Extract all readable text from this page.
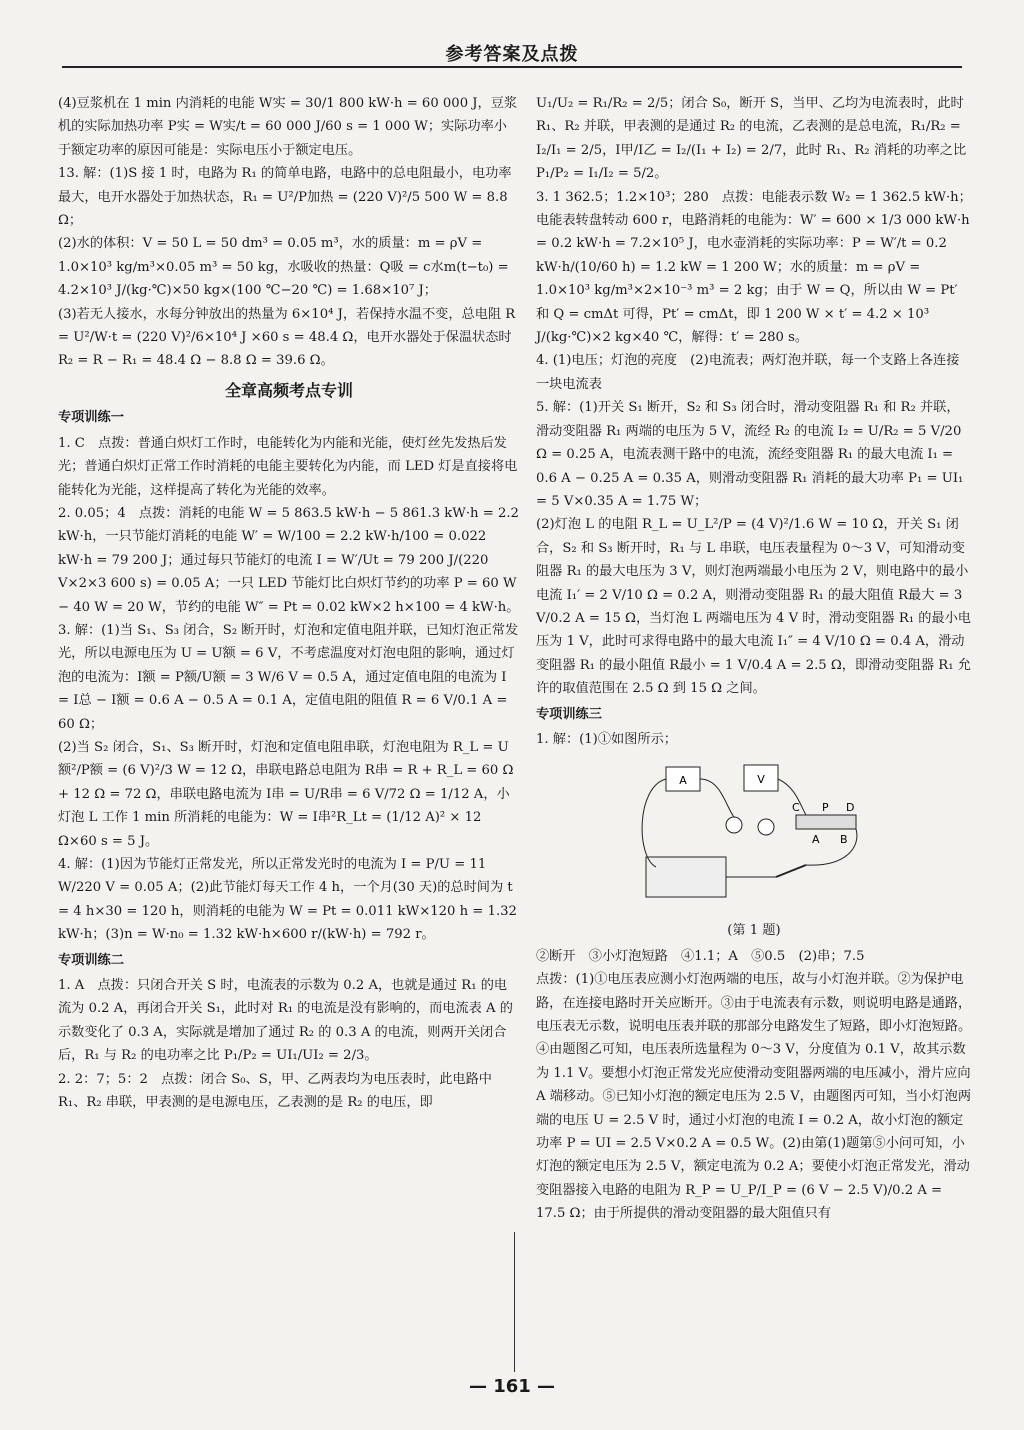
参考答案及点拨

(4)豆浆机在 1 min 内消耗的电能 W实 = 30/1 800 kW·h = 60 000 J，豆浆机的实际加热功率 P实 = W实/t = 60 000 J/60 s = 1 000 W；实际功率小于额定功率的原因可能是：实际电压小于额定电压。

13. 解：(1)S 接 1 时，电路为 R₁ 的简单电路，电路中的总电阻最小，电功率最大，电开水器处于加热状态，R₁ = U²/P加热 = (220 V)²/5 500 W = 8.8 Ω；

(2)水的体积：V = 50 L = 50 dm³ = 0.05 m³，水的质量：m = ρV = 1.0×10³ kg/m³×0.05 m³ = 50 kg，水吸收的热量：Q吸 = c水m(t−t₀) = 4.2×10³ J/(kg·℃)×50 kg×(100 ℃−20 ℃) = 1.68×10⁷ J；

(3)若无人接水，水每分钟放出的热量为 6×10⁴ J，若保持水温不变，总电阻 R = U²/W·t = (220 V)²/6×10⁴ J ×60 s = 48.4 Ω，电开水器处于保温状态时 R₂ = R − R₁ = 48.4 Ω − 8.8 Ω = 39.6 Ω。

全章高频考点专训
专项训练一

1. C　点拨：普通白炽灯工作时，电能转化为内能和光能，使灯丝先发热后发光；普通白炽灯正常工作时消耗的电能主要转化为内能，而 LED 灯是直接将电能转化为光能，这样提高了转化为光能的效率。

2. 0.05；4　点拨：消耗的电能 W = 5 863.5 kW·h − 5 861.3 kW·h = 2.2 kW·h，一只节能灯消耗的电能 W′ = W/100 = 2.2 kW·h/100 = 0.022 kW·h = 79 200 J；通过每只节能灯的电流 I = W′/Ut = 79 200 J/(220 V×2×3 600 s) = 0.05 A；一只 LED 节能灯比白炽灯节约的功率 P = 60 W − 40 W = 20 W，节约的电能 W″ = Pt = 0.02 kW×2 h×100 = 4 kW·h。

3. 解：(1)当 S₁、S₃ 闭合，S₂ 断开时，灯泡和定值电阻并联，已知灯泡正常发光，所以电源电压为 U = U额 = 6 V，不考虑温度对灯泡电阻的影响，通过灯泡的电流为：I额 = P额/U额 = 3 W/6 V = 0.5 A，通过定值电阻的电流为 I = I总 − I额 = 0.6 A − 0.5 A = 0.1 A，定值电阻的阻值 R = 6 V/0.1 A = 60 Ω；

(2)当 S₂ 闭合，S₁、S₃ 断开时，灯泡和定值电阻串联，灯泡电阻为 R_L = U额²/P额 = (6 V)²/3 W = 12 Ω，串联电路总电阻为 R串 = R + R_L = 60 Ω + 12 Ω = 72 Ω，串联电路电流为 I串 = U/R串 = 6 V/72 Ω = 1/12 A，小灯泡 L 工作 1 min 所消耗的电能为：W = I串²R_Lt = (1/12 A)² × 12 Ω×60 s = 5 J。

4. 解：(1)因为节能灯正常发光，所以正常发光时的电流为 I = P/U = 11 W/220 V = 0.05 A；(2)此节能灯每天工作 4 h，一个月(30 天)的总时间为 t = 4 h×30 = 120 h，则消耗的电能为 W = Pt = 0.011 kW×120 h = 1.32 kW·h；(3)n = W·n₀ = 1.32 kW·h×600 r/(kW·h) = 792 r。

专项训练二

1. A　点拨：只闭合开关 S 时，电流表的示数为 0.2 A，也就是通过 R₁ 的电流为 0.2 A，再闭合开关 S₁，此时对 R₁ 的电流是没有影响的，而电流表 A 的示数变化了 0.3 A，实际就是增加了通过 R₂ 的 0.3 A 的电流，则两开关闭合后，R₁ 与 R₂ 的电功率之比 P₁/P₂ = UI₁/UI₂ = 2/3。

2. 2：7；5：2　点拨：闭合 S₀、S，甲、乙两表均为电压表时，此电路中 R₁、R₂ 串联，甲表测的是电源电压，乙表测的是 R₂ 的电压，即

U₁/U₂ = R₁/R₂ = 2/5；闭合 S₀，断开 S，当甲、乙均为电流表时，此时 R₁、R₂ 并联，甲表测的是通过 R₂ 的电流，乙表测的是总电流，R₁/R₂ = I₂/I₁ = 2/5，I甲/I乙 = I₂/(I₁ + I₂) = 2/7，此时 R₁、R₂ 消耗的功率之比 P₁/P₂ = I₁/I₂ = 5/2。

3. 1 362.5；1.2×10³；280　点拨：电能表示数 W₂ = 1 362.5 kW·h；电能表转盘转动 600 r，电路消耗的电能为：W′ = 600 × 1/3 000 kW·h = 0.2 kW·h = 7.2×10⁵ J，电水壶消耗的实际功率：P = W′/t = 0.2 kW·h/(10/60 h) = 1.2 kW = 1 200 W；水的质量：m = ρV = 1.0×10³ kg/m³×2×10⁻³ m³ = 2 kg；由于 W = Q，所以由 W = Pt′ 和 Q = cmΔt 可得，Pt′ = cmΔt，即 1 200 W × t′ = 4.2 × 10³ J/(kg·℃)×2 kg×40 ℃，解得：t′ = 280 s。

4. (1)电压；灯泡的亮度　(2)电流表；两灯泡并联，每一个支路上各连接一块电流表

5. 解：(1)开关 S₁ 断开，S₂ 和 S₃ 闭合时，滑动变阻器 R₁ 和 R₂ 并联，滑动变阻器 R₁ 两端的电压为 5 V，流经 R₂ 的电流 I₂ = U/R₂ = 5 V/20 Ω = 0.25 A，电流表测干路中的电流，流经变阻器 R₁ 的最大电流 I₁ = 0.6 A − 0.25 A = 0.35 A，则滑动变阻器 R₁ 消耗的最大功率 P₁ = UI₁ = 5 V×0.35 A = 1.75 W；

(2)灯泡 L 的电阻 R_L = U_L²/P = (4 V)²/1.6 W = 10 Ω，开关 S₁ 闭合，S₂ 和 S₃ 断开时，R₁ 与 L 串联，电压表量程为 0～3 V，可知滑动变阻器 R₁ 的最大电压为 3 V，则灯泡两端最小电压为 2 V，则电路中的最小电流 I₁′ = 2 V/10 Ω = 0.2 A，则滑动变阻器 R₁ 的最大阻值 R最大 = 3 V/0.2 A = 15 Ω，当灯泡 L 两端电压为 4 V 时，滑动变阻器 R₁ 的最小电压为 1 V，此时可求得电路中的最大电流 I₁″ = 4 V/10 Ω = 0.4 A，滑动变阻器 R₁ 的最小阻值 R最小 = 1 V/0.4 A = 2.5 Ω，即滑动变阻器 R₁ 允许的取值范围在 2.5 Ω 到 15 Ω 之间。

专项训练三

1. 解：(1)①如图所示；

A	V
C	D
P
A B
(第 1 题)

②断开　③小灯泡短路　④1.1；A　⑤0.5　(2)串；7.5

点拨：(1)①电压表应测小灯泡两端的电压，故与小灯泡并联。②为保护电路，在连接电路时开关应断开。③由于电流表有示数，则说明电路是通路，电压表无示数，说明电压表并联的那部分电路发生了短路，即小灯泡短路。④由题图乙可知，电压表所选量程为 0～3 V，分度值为 0.1 V，故其示数为 1.1 V。要想小灯泡正常发光应使滑动变阻器两端的电压减小，滑片应向 A 端移动。⑤已知小灯泡的额定电压为 2.5 V，由题图丙可知，当小灯泡两端的电压 U = 2.5 V 时，通过小灯泡的电流 I = 0.2 A，故小灯泡的额定功率 P = UI = 2.5 V×0.2 A = 0.5 W。(2)由第(1)题第⑤小问可知，小灯泡的额定电压为 2.5 V，额定电流为 0.2 A；要使小灯泡正常发光，滑动变阻器接入电路的电阻为 R_P = U_P/I_P = (6 V − 2.5 V)/0.2 A = 17.5 Ω；由于所提供的滑动变阻器的最大阻值只有

— 161 —
